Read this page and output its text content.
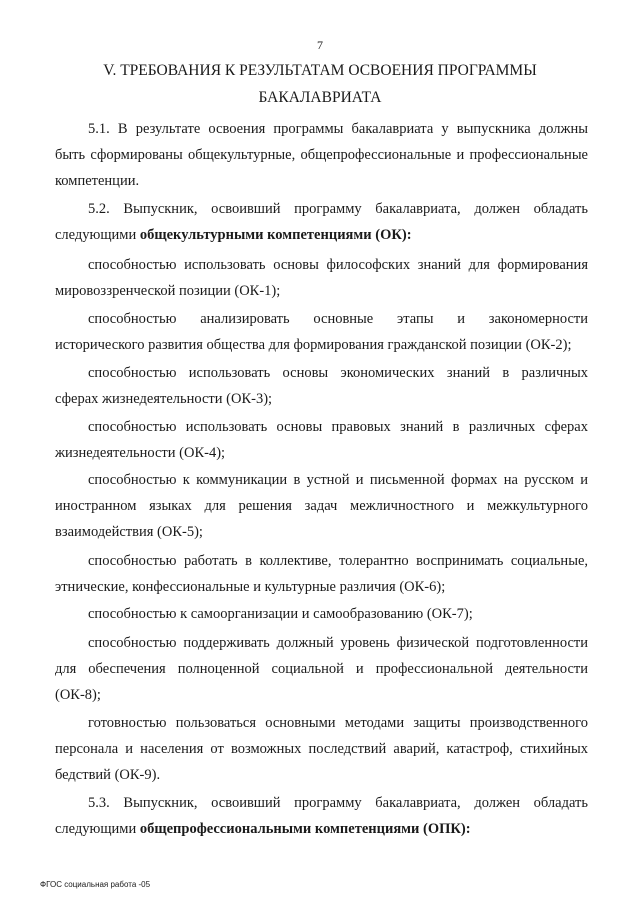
7
V. ТРЕБОВАНИЯ К РЕЗУЛЬТАТАМ ОСВОЕНИЯ ПРОГРАММЫ
БАКАЛАВРИАТА
5.1. В результате освоения программы бакалавриата у выпускника должны
быть сформированы общекультурные, общепрофессиональные и профессиональные
компетенции.
5.2. Выпускник, освоивший программу бакалавриата, должен обладать
следующими общекультурными компетенциями (ОК):
способностью использовать основы философских знаний для формирования
мировоззренческой позиции (ОК-1);
способностью анализировать основные этапы и закономерности
исторического развития общества для формирования гражданской позиции (ОК-2);
способностью использовать основы экономических знаний в различных
сферах жизнедеятельности (ОК-3);
способностью использовать основы правовых знаний в различных сферах
жизнедеятельности (ОК-4);
способностью к коммуникации в устной и письменной формах на русском и
иностранном языках для решения задач межличностного и межкультурного
взаимодействия (ОК-5);
способностью работать в коллективе, толерантно воспринимать социальные,
этнические, конфессиональные и культурные различия (ОК-6);
способностью к самоорганизации и самообразованию (ОК-7);
способностью поддерживать должный уровень физической подготовленности
для обеспечения полноценной социальной и профессиональной деятельности
(ОК-8);
готовностью пользоваться основными методами защиты производственного
персонала и населения от возможных последствий аварий, катастроф, стихийных
бедствий (ОК-9).
5.3. Выпускник, освоивший программу бакалавриата, должен обладать
следующими общепрофессиональными компетенциями (ОПК):
ФГОС социальная работа -05
